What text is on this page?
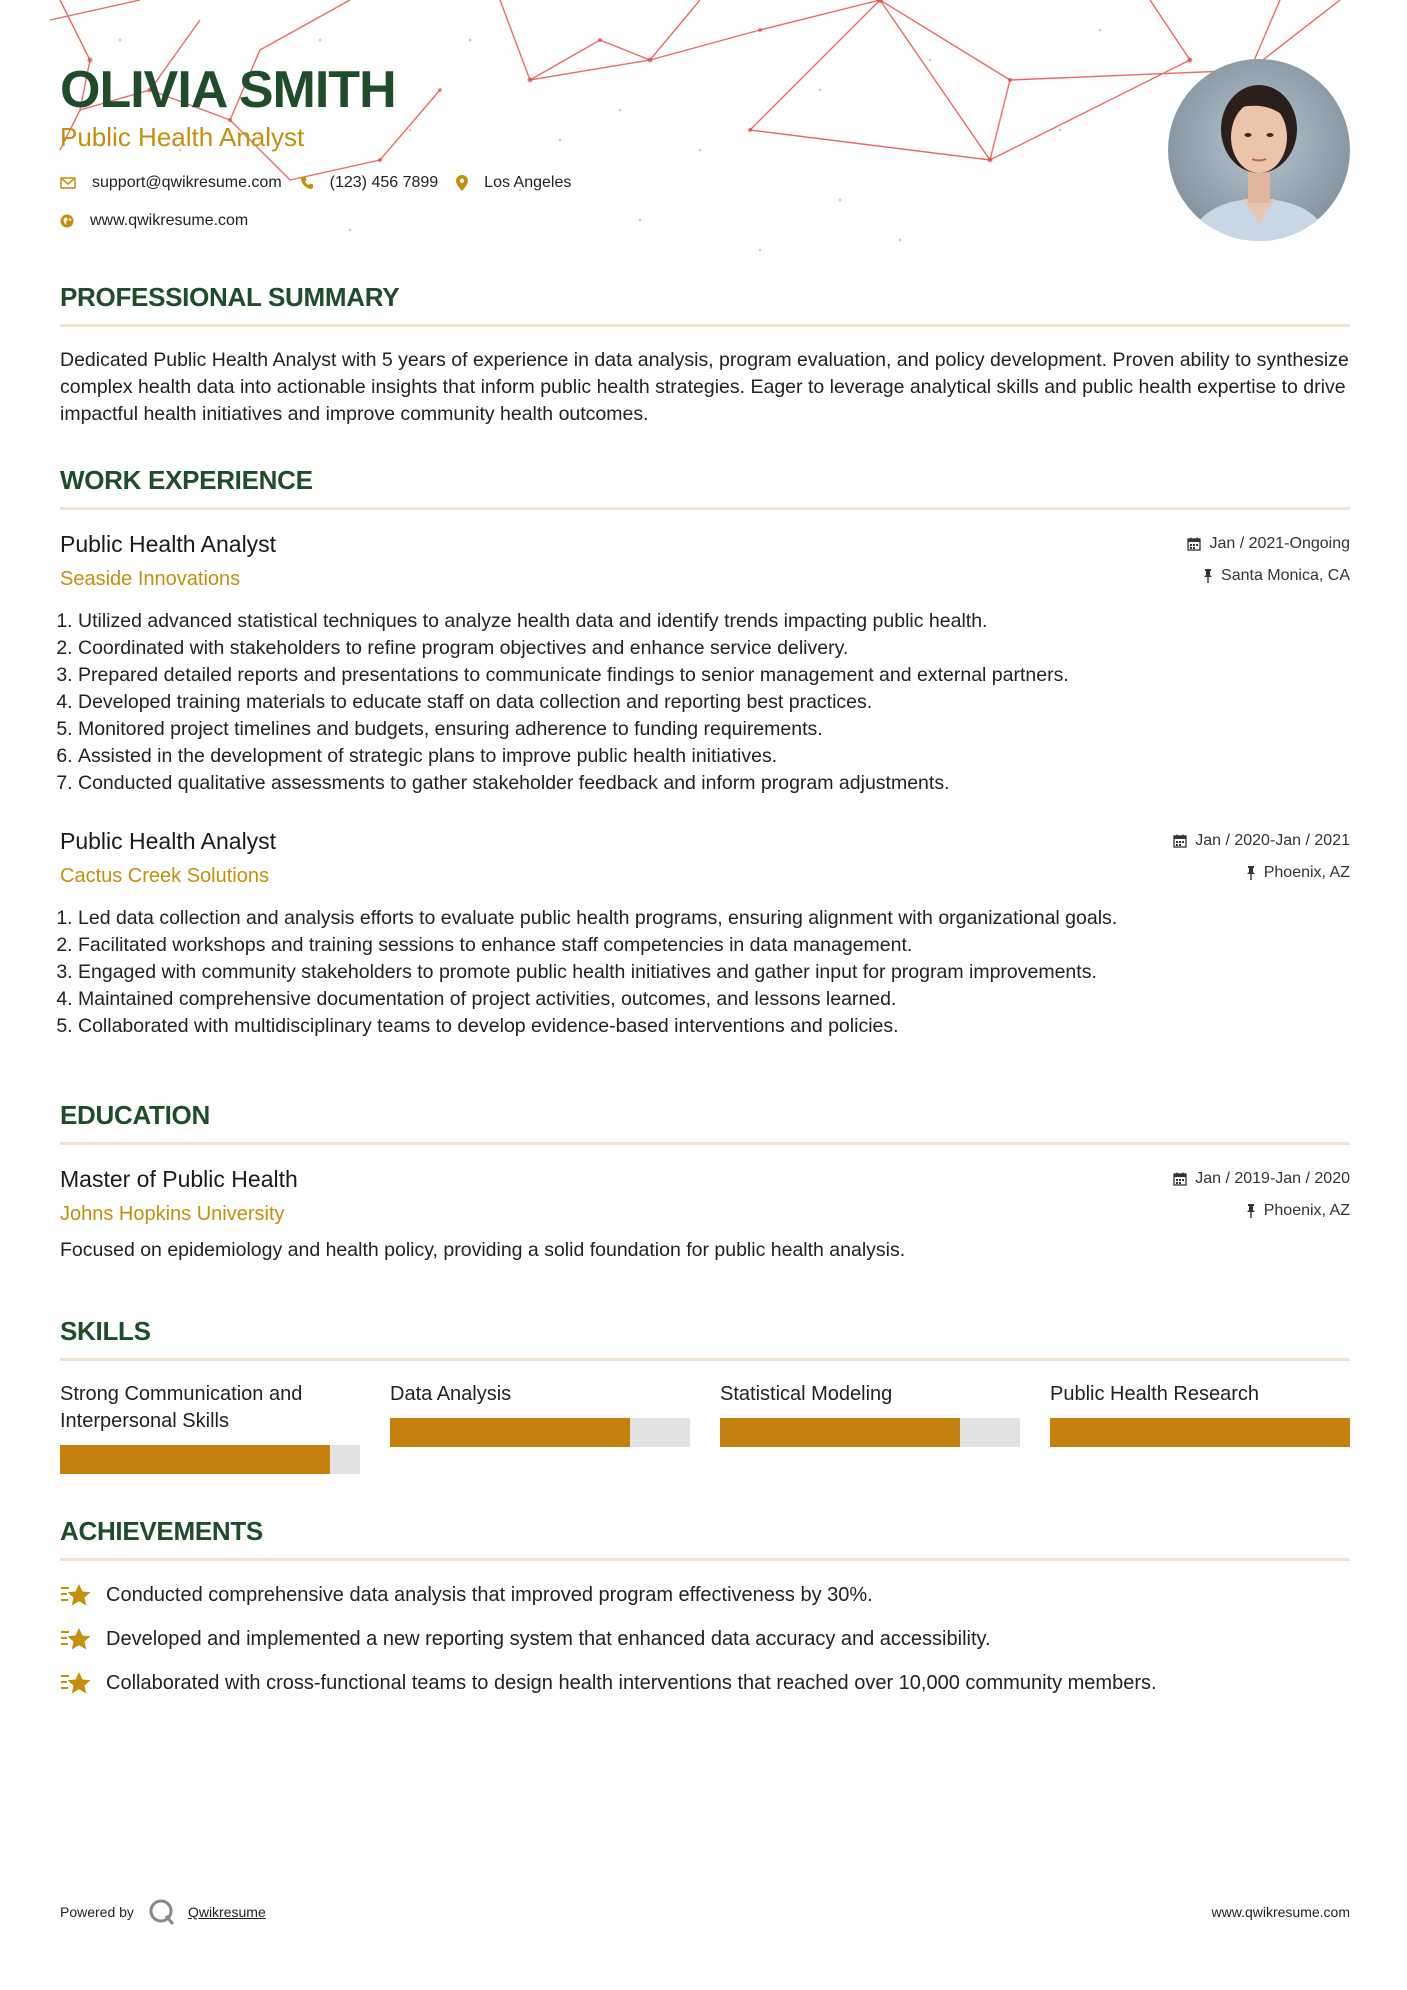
OLIVIA SMITH
Public Health Analyst
support@qwikresume.com	(123) 456 7899	Los Angeles
www.qwikresume.com
PROFESSIONAL SUMMARY
Dedicated Public Health Analyst with 5 years of experience in data analysis, program evaluation, and policy development. Proven ability to synthesize complex health data into actionable insights that inform public health strategies. Eager to leverage analytical skills and public health expertise to drive impactful health initiatives and improve community health outcomes.
WORK EXPERIENCE
Public Health Analyst
Seaside Innovations
Jan / 2021-Ongoing
Santa Monica, CA
1. Utilized advanced statistical techniques to analyze health data and identify trends impacting public health.
2. Coordinated with stakeholders to refine program objectives and enhance service delivery.
3. Prepared detailed reports and presentations to communicate findings to senior management and external partners.
4. Developed training materials to educate staff on data collection and reporting best practices.
5. Monitored project timelines and budgets, ensuring adherence to funding requirements.
6. Assisted in the development of strategic plans to improve public health initiatives.
7. Conducted qualitative assessments to gather stakeholder feedback and inform program adjustments.
Public Health Analyst
Cactus Creek Solutions
Jan / 2020-Jan / 2021
Phoenix, AZ
1. Led data collection and analysis efforts to evaluate public health programs, ensuring alignment with organizational goals.
2. Facilitated workshops and training sessions to enhance staff competencies in data management.
3. Engaged with community stakeholders to promote public health initiatives and gather input for program improvements.
4. Maintained comprehensive documentation of project activities, outcomes, and lessons learned.
5. Collaborated with multidisciplinary teams to develop evidence-based interventions and policies.
EDUCATION
Master of Public Health
Johns Hopkins University
Jan / 2019-Jan / 2020
Phoenix, AZ
Focused on epidemiology and health policy, providing a solid foundation for public health analysis.
SKILLS
Strong Communication and Interpersonal Skills
Data Analysis	Statistical Modeling	Public Health Research
ACHIEVEMENTS
Conducted comprehensive data analysis that improved program effectiveness by 30%.
Developed and implemented a new reporting system that enhanced data accuracy and accessibility.
Collaborated with cross-functional teams to design health interventions that reached over 10,000 community members.
Powered by	Qwikresume	www.qwikresume.com
